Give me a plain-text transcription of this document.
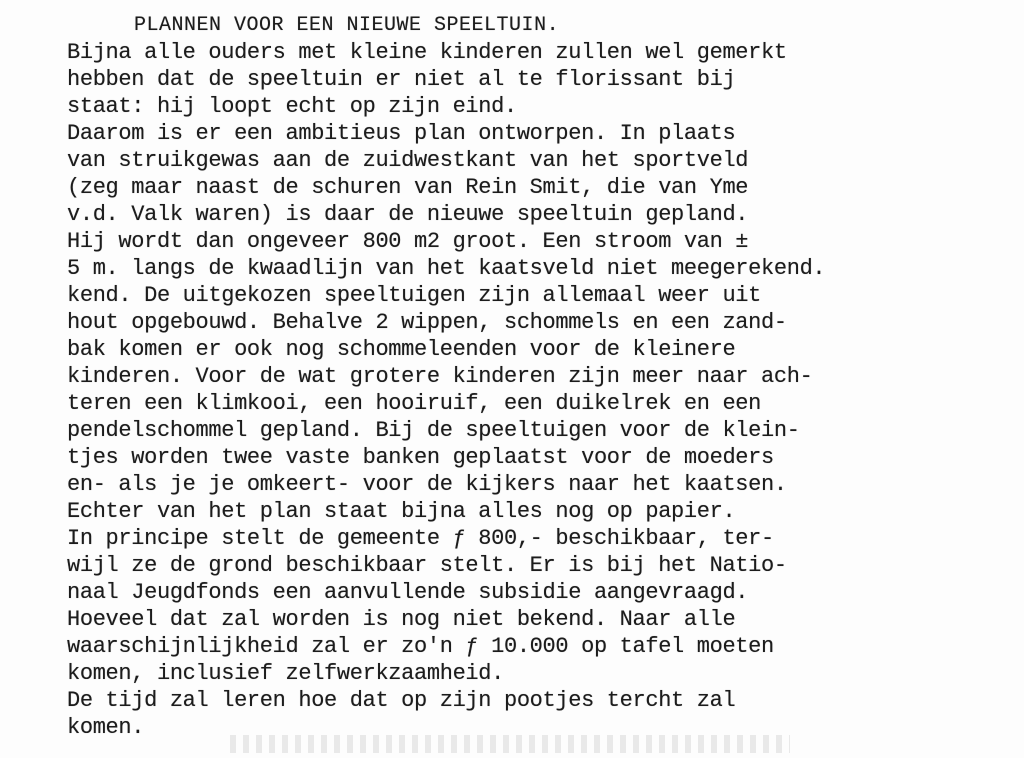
PLANNEN VOOR EEN NIEUWE SPEELTUIN.
Bijna alle ouders met kleine kinderen zullen wel gemerkt
hebben dat de speeltuin er niet al te florissant bij
staat: hij loopt echt op zijn eind.
Daarom is er een ambitieus plan ontworpen. In plaats
van struikgewas aan de zuidwestkant van het sportveld
(zeg maar naast de schuren van Rein Smit, die van Yme
v.d. Valk waren) is daar de nieuwe speeltuin gepland.
Hij wordt dan ongeveer 800 m2 groot. Een stroom van ±
5 m. langs de kwaadlijn van het kaatsveld niet meegerekend.
kend. De uitgekozen speeltuigen zijn allemaal weer uit
hout opgebouwd. Behalve 2 wippen, schommels en een zand-
bak komen er ook nog schommeleenden voor de kleinere
kinderen. Voor de wat grotere kinderen zijn meer naar ach-
teren een klimkooi, een hooiruif, een duikelrek en een
pendelschommel gepland. Bij de speeltuigen voor de klein-
tjes worden twee vaste banken geplaatst voor de moeders
en- als je je omkeert- voor de kijkers naar het kaatsen.
Echter van het plan staat bijna alles nog op papier.
In principe stelt de gemeente ƒ 800,- beschikbaar, ter-
wijl ze de grond beschikbaar stelt. Er is bij het Natio-
naal Jeugdfonds een aanvullende subsidie aangevraagd.
Hoeveel dat zal worden is nog niet bekend. Naar alle
waarschijnlijkheid zal er zo'n ƒ 10.000 op tafel moeten
komen, inclusief zelfwerkzaamheid.
De tijd zal leren hoe dat op zijn pootjes tercht zal
komen.
